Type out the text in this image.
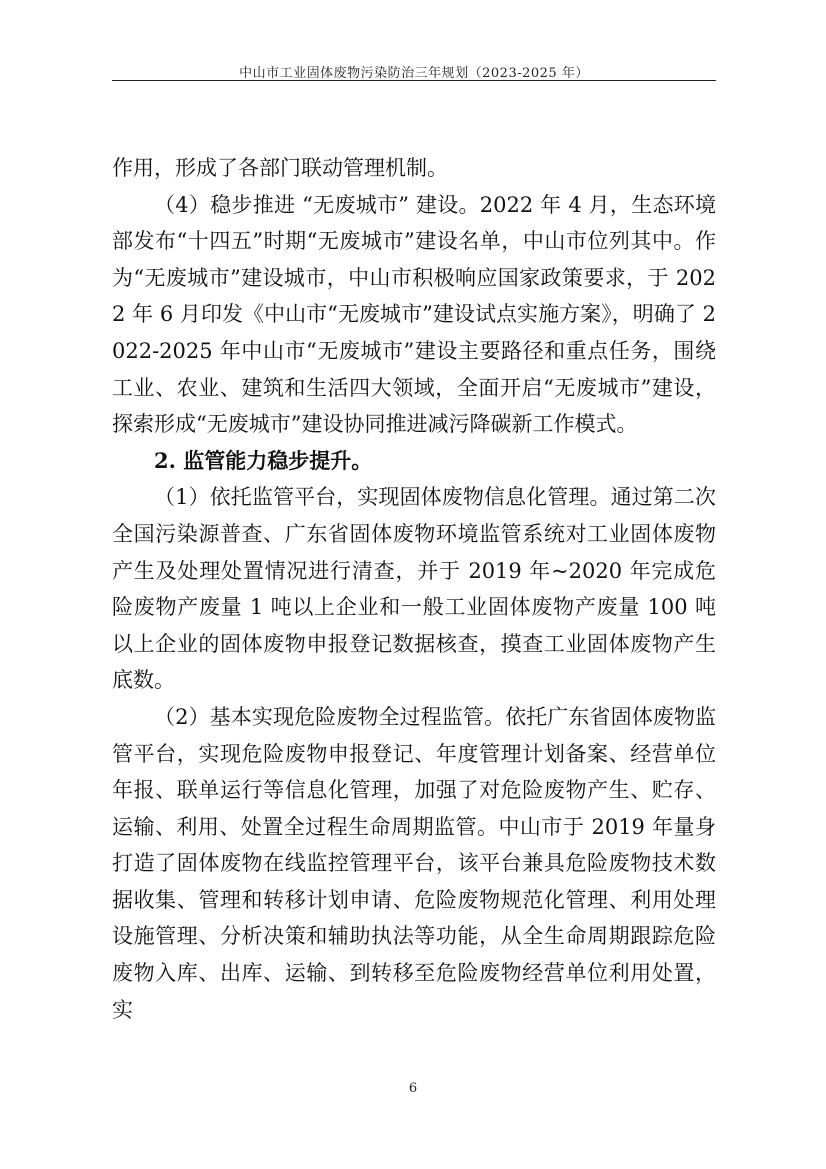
中山市工业固体废物污染防治三年规划（2023-2025 年）

作用，形成了各部门联动管理机制。

（4）稳步推进 “无废城市” 建设。2022 年 4 月，生态环境部发布“十四五”时期“无废城市”建设名单，中山市位列其中。作为“无废城市”建设城市，中山市积极响应国家政策要求，于 2022 年 6 月印发《中山市“无废城市”建设试点实施方案》，明确了 2022-2025 年中山市“无废城市”建设主要路径和重点任务，围绕工业、农业、建筑和生活四大领域，全面开启“无废城市”建设，探索形成“无废城市”建设协同推进减污降碳新工作模式。

2. 监管能力稳步提升。

（1）依托监管平台，实现固体废物信息化管理。通过第二次全国污染源普查、广东省固体废物环境监管系统对工业固体废物产生及处理处置情况进行清查，并于 2019 年~2020 年完成危险废物产废量 1 吨以上企业和一般工业固体废物产废量 100 吨以上企业的固体废物申报登记数据核查，摸查工业固体废物产生底数。

（2）基本实现危险废物全过程监管。依托广东省固体废物监管平台，实现危险废物申报登记、年度管理计划备案、经营单位年报、联单运行等信息化管理，加强了对危险废物产生、贮存、运输、利用、处置全过程生命周期监管。中山市于 2019 年量身打造了固体废物在线监控管理平台，该平台兼具危险废物技术数据收集、管理和转移计划申请、危险废物规范化管理、利用处理设施管理、分析决策和辅助执法等功能，从全生命周期跟踪危险废物入库、出库、运输、到转移至危险废物经营单位利用处置，实

6
